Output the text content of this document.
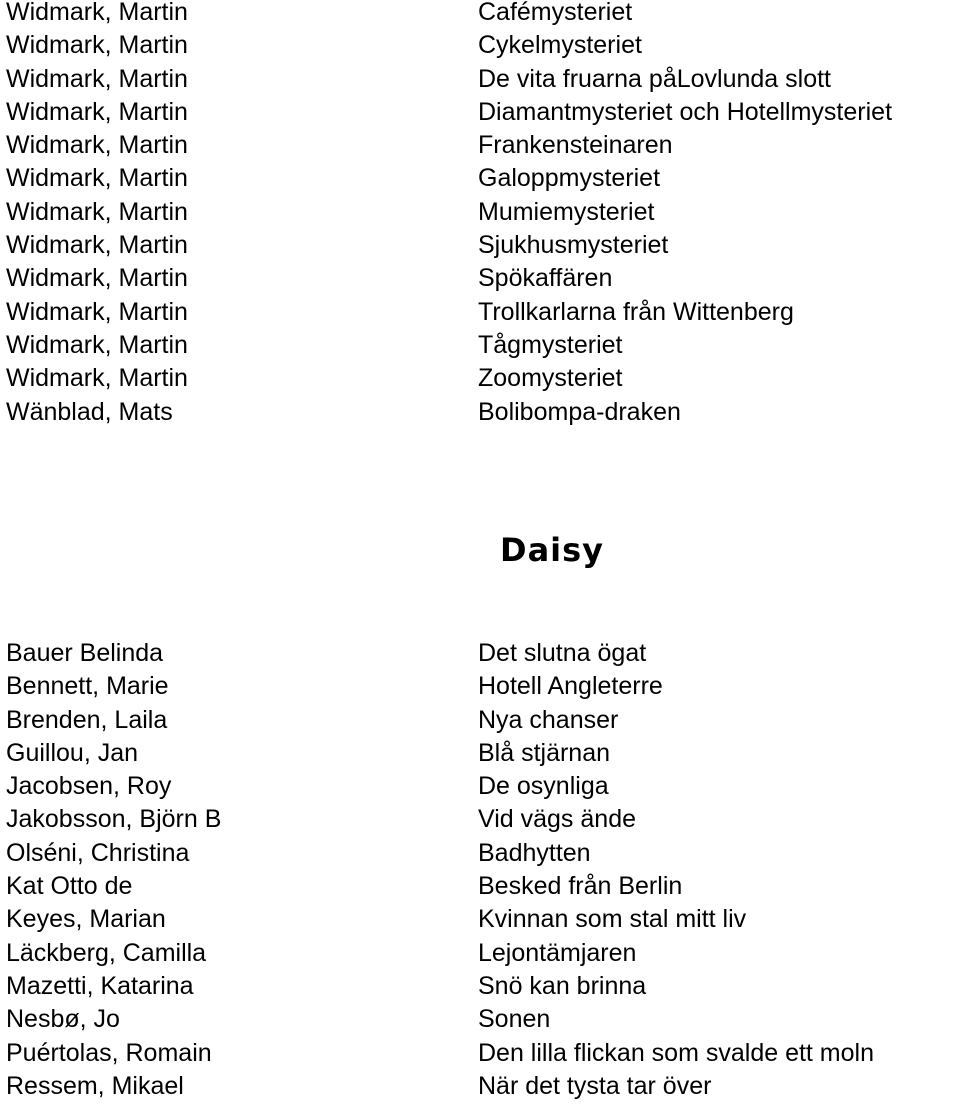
Widmark, Martin	Cafémysteriet
Widmark, Martin	Cykelmysteriet
Widmark, Martin	De vita fruarna påLovlunda slott
Widmark, Martin	Diamantmysteriet och Hotellmysteriet
Widmark, Martin	Frankensteinaren
Widmark, Martin	Galoppmysteriet
Widmark, Martin	Mumiemysteriet
Widmark, Martin	Sjukhusmysteriet
Widmark, Martin	Spökaffären
Widmark, Martin	Trollkarlarna från Wittenberg
Widmark, Martin	Tågmysteriet
Widmark, Martin	Zoomysteriet
Wänblad, Mats	Bolibompa-draken
Daisy
Bauer Belinda	Det slutna ögat
Bennett, Marie	Hotell Angleterre
Brenden, Laila	Nya chanser
Guillou, Jan	Blå stjärnan
Jacobsen, Roy	De osynliga
Jakobsson, Björn B	Vid vägs ände
Olséni, Christina	Badhytten
Kat Otto de	Besked från Berlin
Keyes, Marian	Kvinnan som stal mitt liv
Läckberg, Camilla	Lejontämjaren
Mazetti, Katarina	Snö kan brinna
Nesbø, Jo	Sonen
Puértolas, Romain	Den lilla flickan som svalde ett moln
Ressem, Mikael	När det tysta tar över
